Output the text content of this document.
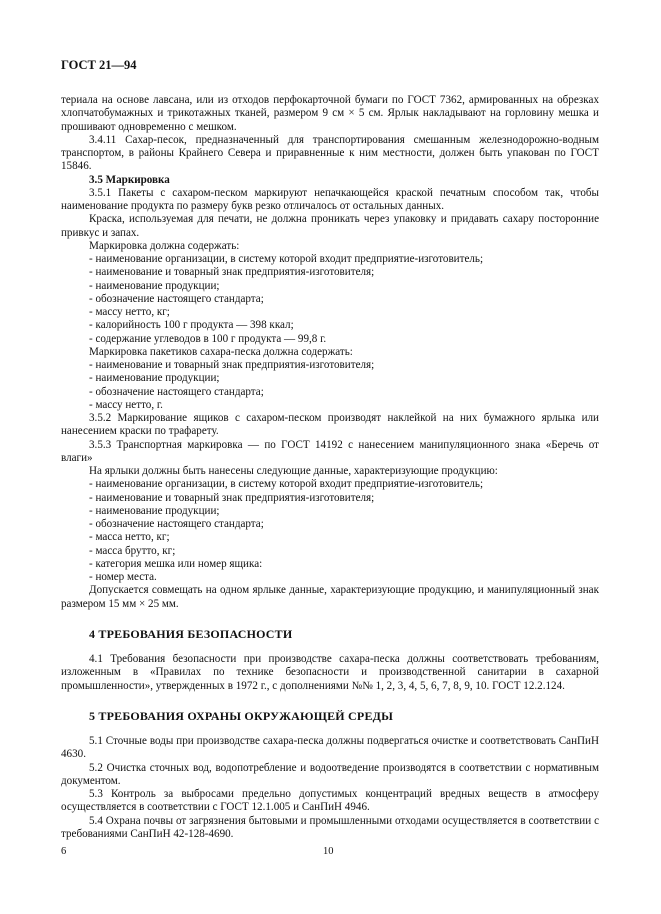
ГОСТ 21—94

териала на основе лавсана, или из отходов перфокарточной бумаги по ГОСТ 7362, армированных на обрезках хлопчатобумажных и трикотажных тканей, размером 9 см × 5 см. Ярлык накладывают на горловину мешка и прошивают одновременно с мешком.

3.4.11 Сахар-песок, предназначенный для транспортирования смешанным железнодорожно-водным транспортом, в районы Крайнего Севера и приравненные к ним местности, должен быть упакован по ГОСТ 15846.

3.5 Маркировка

3.5.1 Пакеты с сахаром-песком маркируют непачкающейся краской печатным способом так, чтобы наименование продукта по размеру букв резко отличалось от остальных данных.

Краска, используемая для печати, не должна проникать через упаковку и придавать сахару посторонние привкус и запах.

Маркировка должна содержать:

- наименование организации, в систему которой входит предприятие-изготовитель;

- наименование и товарный знак предприятия-изготовителя;

- наименование продукции;

- обозначение настоящего стандарта;

- массу нетто, кг;

- калорийность 100 г продукта — 398 ккал;

- содержание углеводов в 100 г продукта — 99,8 г.

Маркировка пакетиков сахара-песка должна содержать:

- наименование и товарный знак предприятия-изготовителя;

- наименование продукции;

- обозначение настоящего стандарта;

- массу нетто, г.

3.5.2 Маркирование ящиков с сахаром-песком производят наклейкой на них бумажного ярлыка или нанесением краски по трафарету.

3.5.3 Транспортная маркировка — по ГОСТ 14192 с нанесением манипуляционного знака «Беречь от влаги»

На ярлыки должны быть нанесены следующие данные, характеризующие продукцию:

- наименование организации, в систему которой входит предприятие-изготовитель;

- наименование и товарный знак предприятия-изготовителя;

- наименование продукции;

- обозначение настоящего стандарта;

- масса нетто, кг;

- масса брутто, кг;

- категория мешка или номер ящика:

- номер места.

Допускается совмещать на одном ярлыке данные, характеризующие продукцию, и манипуляционный знак размером 15 мм × 25 мм.

4 ТРЕБОВАНИЯ БЕЗОПАСНОСТИ

4.1 Требования безопасности при производстве сахара-песка должны соответствовать требованиям, изложенным в «Правилах по технике безопасности и производственной санитарии в сахарной промышленности», утвержденных в 1972 г., с дополнениями №№ 1, 2, 3, 4, 5, 6, 7, 8, 9, 10. ГОСТ 12.2.124.

5 ТРЕБОВАНИЯ ОХРАНЫ ОКРУЖАЮЩЕЙ СРЕДЫ

5.1 Сточные воды при производстве сахара-песка должны подвергаться очистке и соответствовать СанПиН 4630.

5.2 Очистка сточных вод, водопотребление и водоотведение производятся в соответствии с нормативным документом.

5.3 Контроль за выбросами предельно допустимых концентраций вредных веществ в атмосферу осуществляется в соответствии с ГОСТ 12.1.005 и СанПиН 4946.

5.4 Охрана почвы от загрязнения бытовыми и промышленными отходами осуществляется в соответствии с требованиями СанПиН 42-128-4690.

6	10
